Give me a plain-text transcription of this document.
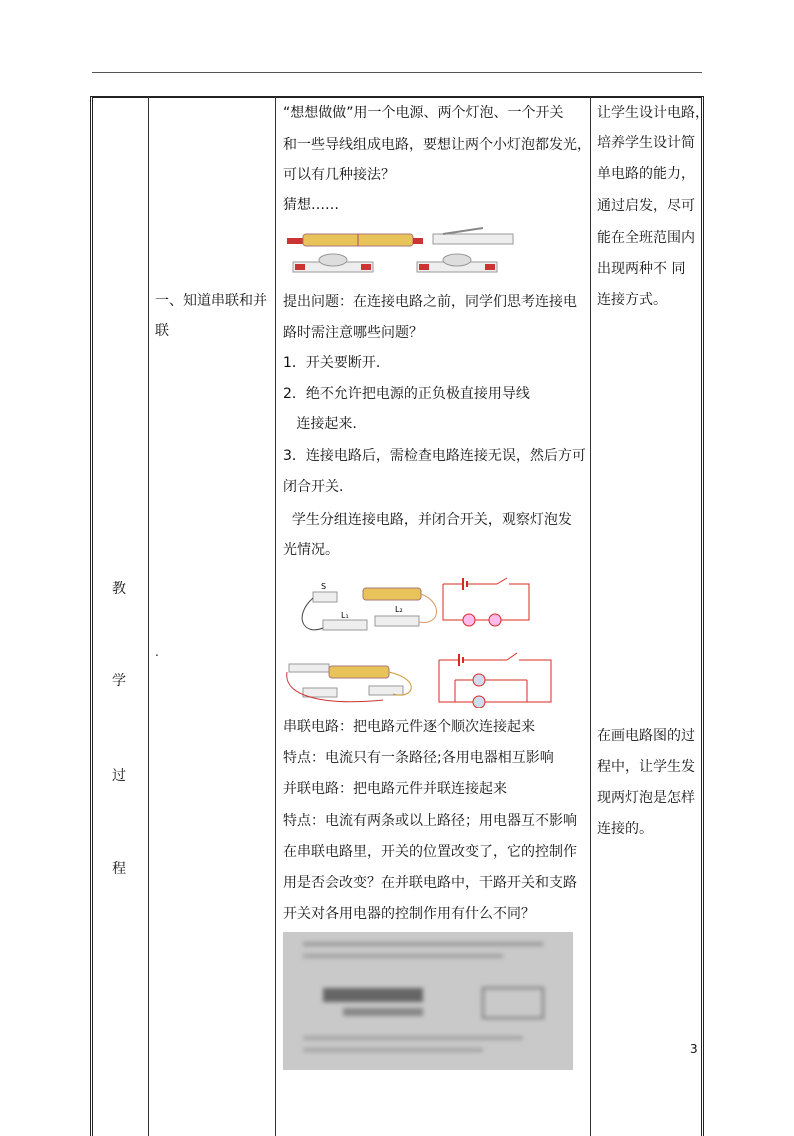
教
学
过
程
一、知道串联和并
联
.
“想想做做”用一个电源、两个灯泡、一个开关
和一些导线组成电路，要想让两个小灯泡都发光，
可以有几种接法？
猜想……
提出问题：在连接电路之前，同学们思考连接电
路时需注意哪些问题？
1．开关要断开.
2．绝不允许把电源的正负极直接用导线
连接起来.
3．连接电路后，需检查电路连接无误，然后方可
闭合开关.
学生分组连接电路，并闭合开关，观察灯泡发
光情况。
S
L₁
L₂
串联电路：把电路元件逐个顺次连接起来
特点：电流只有一条路径;各用电器相互影响
并联电路：把电路元件并联连接起来
特点：电流有两条或以上路径；用电器互不影响
在串联电路里，开关的位置改变了，它的控制作
用是否会改变？在并联电路中，干路开关和支路
开关对各用电器的控制作用有什么不同？
让学生设计电路，
培养学生设计简
单电路的能力，
通过启发，尽可
能在全班范围内
出现两种不 同
连接方式。
在画电路图的过
程中，让学生发
现两灯泡是怎样
连接的。
3
